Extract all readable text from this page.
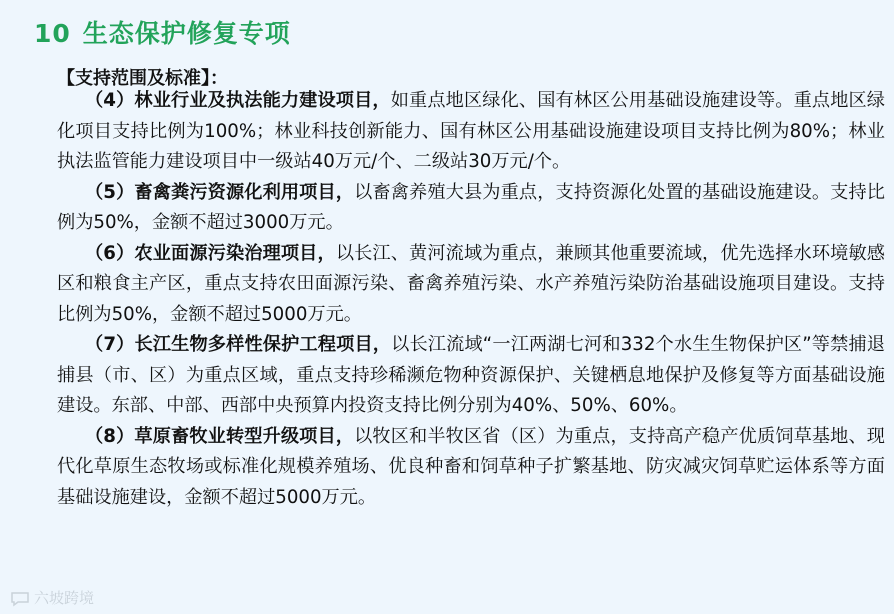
10 生态保护修复专项
【支持范围及标准】：

（4）林业行业及执法能力建设项目，如重点地区绿化、国有林区公用基础设施建设等。重点地区绿化项目支持比例为100%；林业科技创新能力、国有林区公用基础设施建设项目支持比例为80%；林业执法监管能力建设项目中一级站40万元/个、二级站30万元/个。

（5）畜禽粪污资源化利用项目，以畜禽养殖大县为重点，支持资源化处置的基础设施建设。支持比例为50%，金额不超过3000万元。

（6）农业面源污染治理项目，以长江、黄河流域为重点，兼顾其他重要流域，优先选择水环境敏感区和粮食主产区，重点支持农田面源污染、畜禽养殖污染、水产养殖污染防治基础设施项目建设。支持比例为50%，金额不超过5000万元。

（7）长江生物多样性保护工程项目，以长江流域“一江两湖七河和332个水生生物保护区”等禁捕退捕县（市、区）为重点区域，重点支持珍稀濒危物种资源保护、关键栖息地保护及修复等方面基础设施建设。东部、中部、西部中央预算内投资支持比例分别为40%、50%、60%。

（8）草原畜牧业转型升级项目，以牧区和半牧区省（区）为重点，支持高产稳产优质饲草基地、现代化草原生态牧场或标准化规模养殖场、优良种畜和饲草种子扩繁基地、防灾减灾饲草贮运体系等方面基础设施建设，金额不超过5000万元。

六坡跨境
